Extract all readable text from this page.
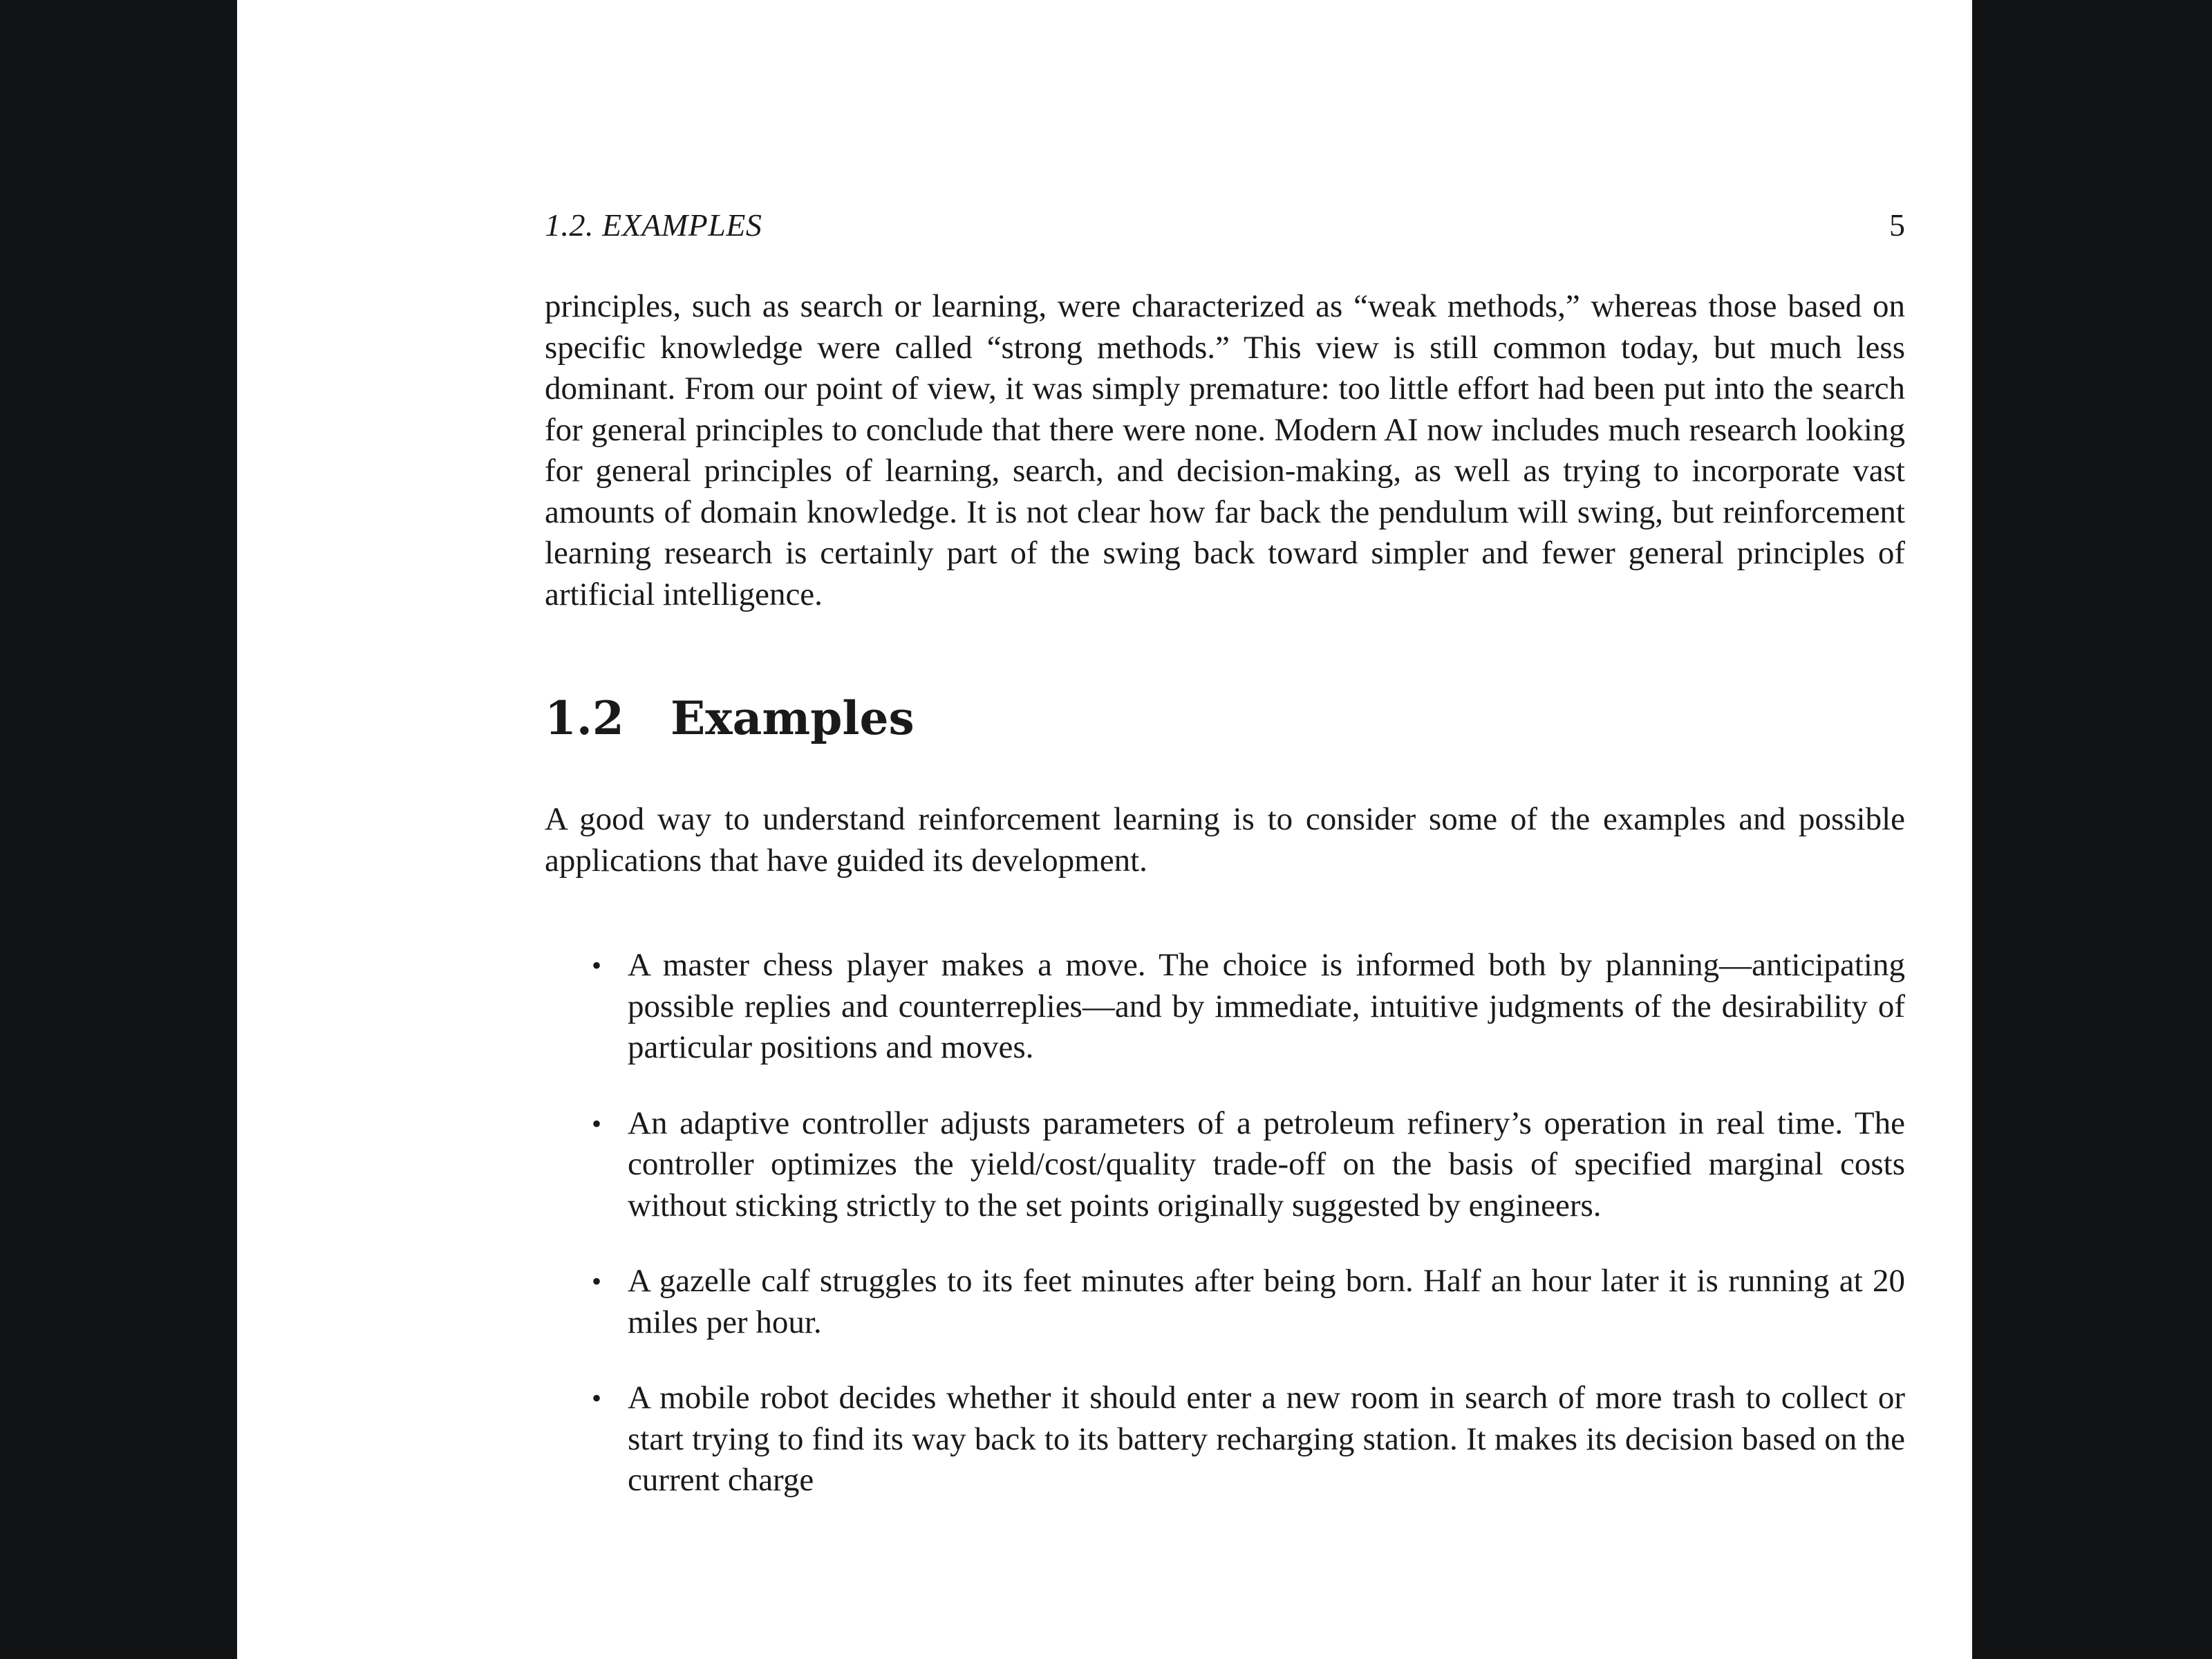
1.2. EXAMPLES	5

principles, such as search or learning, were characterized as “weak methods,” whereas those based on specific knowledge were called “strong methods.” This view is still common today, but much less dominant. From our point of view, it was simply premature: too little effort had been put into the search for general principles to conclude that there were none. Modern AI now includes much research looking for general principles of learning, search, and decision-making, as well as trying to incorporate vast amounts of domain knowledge. It is not clear how far back the pendulum will swing, but reinforcement learning research is certainly part of the swing back toward simpler and fewer general principles of artificial intelligence.

1.2 Examples

A good way to understand reinforcement learning is to consider some of the examples and possible applications that have guided its development.

• A master chess player makes a move. The choice is informed both by planning—anticipating possible replies and counterreplies—and by immediate, intuitive judgments of the desirability of particular positions and moves.
• An adaptive controller adjusts parameters of a petroleum refinery’s operation in real time. The controller optimizes the yield/cost/quality trade-off on the basis of specified marginal costs without sticking strictly to the set points originally suggested by engineers.
• A gazelle calf struggles to its feet minutes after being born. Half an hour later it is running at 20 miles per hour.
• A mobile robot decides whether it should enter a new room in search of more trash to collect or start trying to find its way back to its battery recharging station. It makes its decision based on the current charge
